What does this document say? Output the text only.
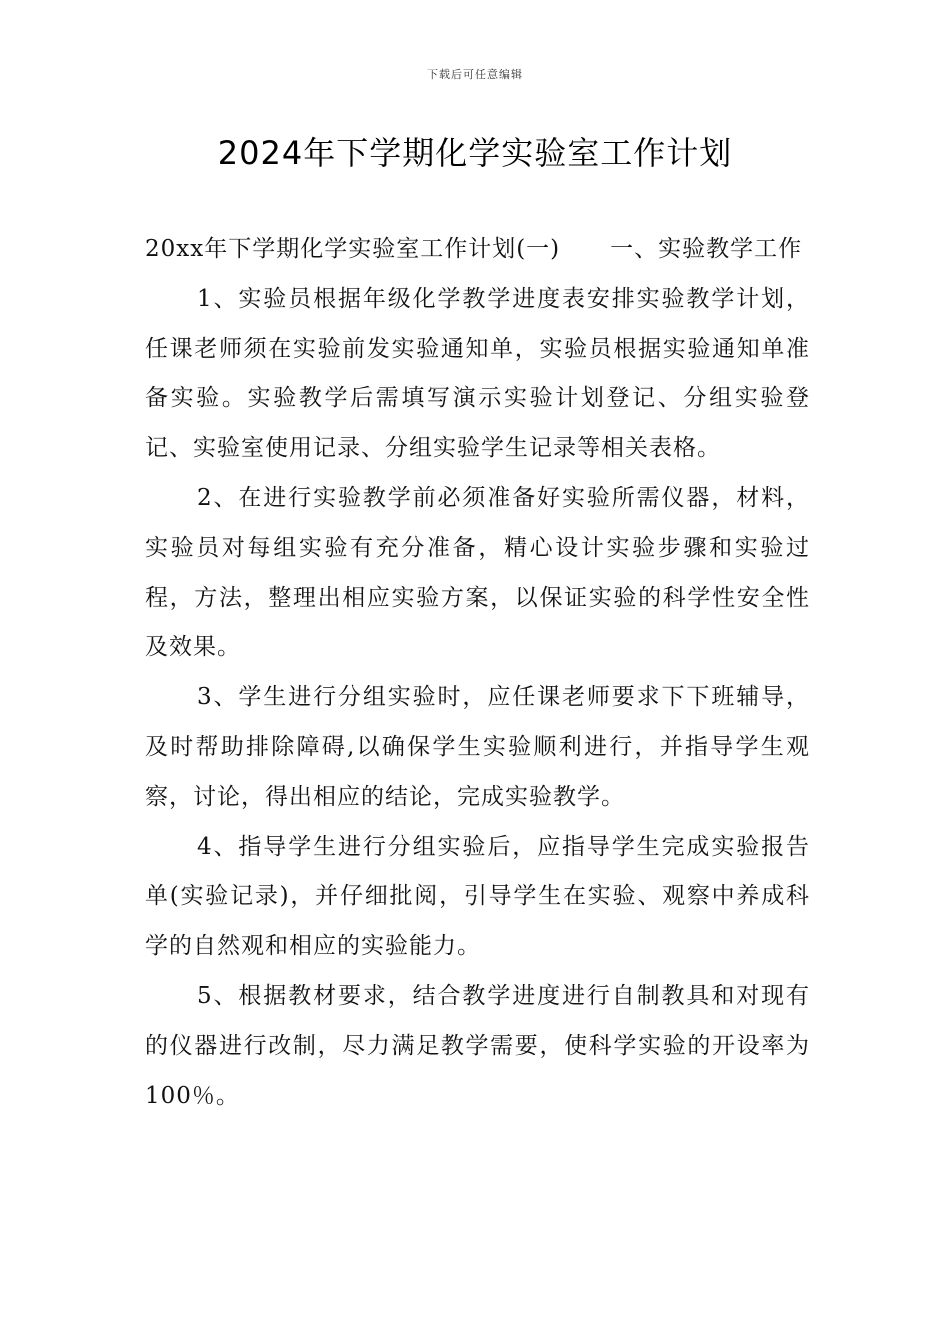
下载后可任意编辑
2024年下学期化学实验室工作计划

20xx年下学期化学实验室工作计划(一) 一、实验教学工作

1、实验员根据年级化学教学进度表安排实验教学计划，任课老师须在实验前发实验通知单，实验员根据实验通知单准备实验。实验教学后需填写演示实验计划登记、分组实验登记、实验室使用记录、分组实验学生记录等相关表格。

2、在进行实验教学前必须准备好实验所需仪器，材料，实验员对每组实验有充分准备，精心设计实验步骤和实验过程，方法，整理出相应实验方案，以保证实验的科学性安全性及效果。

3、学生进行分组实验时，应任课老师要求下下班辅导，及时帮助排除障碍,以确保学生实验顺利进行，并指导学生观察，讨论，得出相应的结论，完成实验教学。

4、指导学生进行分组实验后，应指导学生完成实验报告单(实验记录)，并仔细批阅，引导学生在实验、观察中养成科学的自然观和相应的实验能力。

5、根据教材要求，结合教学进度进行自制教具和对现有的仪器进行改制，尽力满足教学需要，使科学实验的开设率为100％。
